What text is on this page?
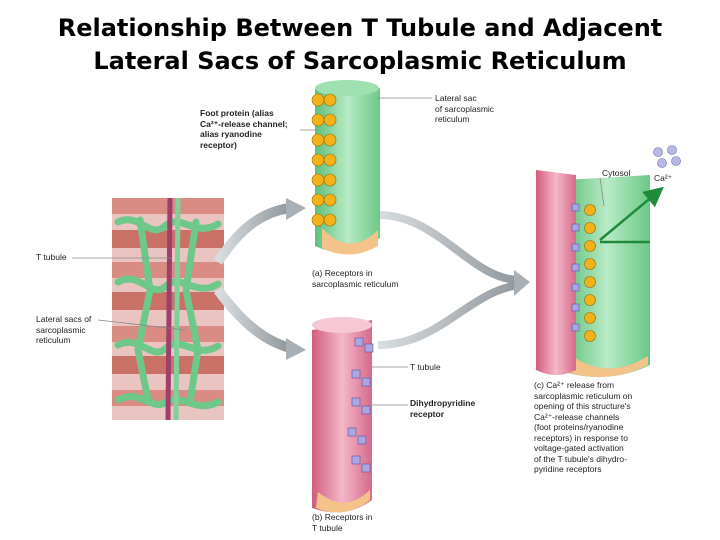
Relationship Between T Tubule and Adjacent
Lateral Sacs of Sarcoplasmic Reticulum
Foot protein (alias
Ca²⁺-release channel;
alias ryanodine
receptor)
Lateral sac
of sarcoplasmic
reticulum
Cytosol	Ca²⁺
T tubule
Lateral sacs of
sarcoplasmic
reticulum
(a) Receptors in
sarcoplasmic reticulum
T tubule
Dihydropyridine
receptor
(b) Receptors in
T tubule
(c) Ca²⁺ release from
sarcoplasmic reticulum on
opening of this structure's
Ca²⁺-release channels
(foot proteins/ryanodine
receptors) in response to
voltage-gated activation
of the T tubule's dihydro-
pyridine receptors
